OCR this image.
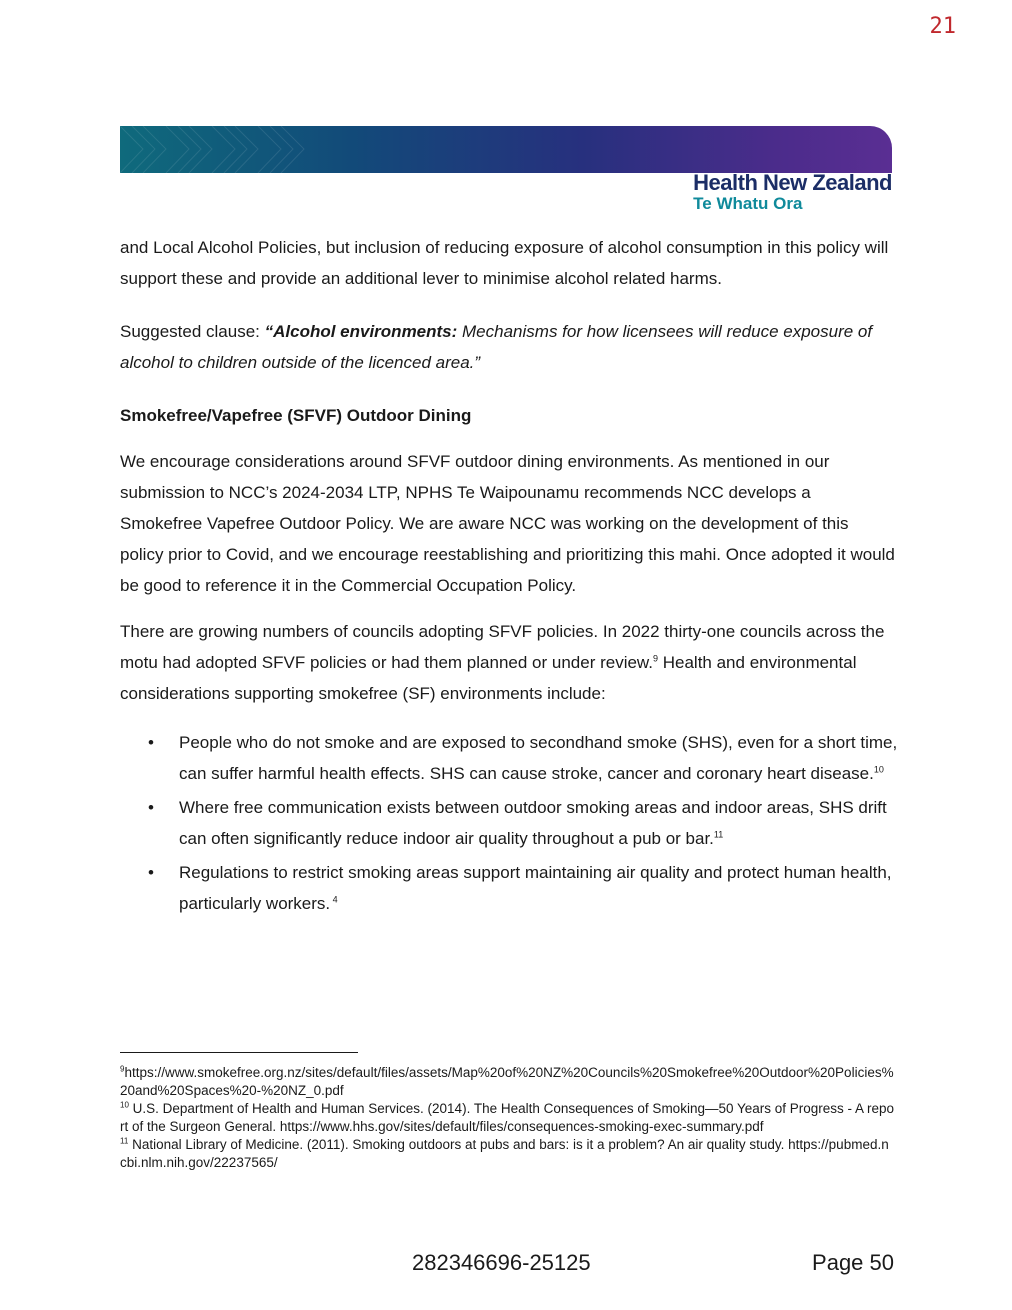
21
Health New Zealand
Te Whatu Ora
and Local Alcohol Policies, but inclusion of reducing exposure of alcohol consumption in this policy will support these and provide an additional lever to minimise alcohol related harms.
Suggested clause: “Alcohol environments: Mechanisms for how licensees will reduce exposure of alcohol to children outside of the licenced area.”
Smokefree/Vapefree (SFVF) Outdoor Dining
We encourage considerations around SFVF outdoor dining environments. As mentioned in our submission to NCC’s 2024-2034 LTP, NPHS Te Waipounamu recommends NCC develops a Smokefree Vapefree Outdoor Policy. We are aware NCC was working on the development of this policy prior to Covid, and we encourage reestablishing and prioritizing this mahi. Once adopted it would be good to reference it in the Commercial Occupation Policy.
There are growing numbers of councils adopting SFVF policies. In 2022 thirty-one councils across the motu had adopted SFVF policies or had them planned or under review.$^9$ Health and environmental considerations supporting smokefree (SF) environments include:
• People who do not smoke and are exposed to secondhand smoke (SHS), even for a short time, can suffer harmful health effects. SHS can cause stroke, cancer and coronary heart disease.$^{10}$
• Where free communication exists between outdoor smoking areas and indoor areas, SHS drift can often significantly reduce indoor air quality throughout a pub or bar.$^{11}$
• Regulations to restrict smoking areas support maintaining air quality and protect human health, particularly workers. $^4$
$^9$https://www.smokefree.org.nz/sites/default/files/assets/Map%20of%20NZ%20Councils%20Smokefree%20Outdoor%20Policies%20and%20Spaces%20-%20NZ_0.pdf
$^{10}$ U.S. Department of Health and Human Services. (2014). The Health Consequences of Smoking—50 Years of Progress - A report of the Surgeon General. https://www.hhs.gov/sites/default/files/consequences-smoking-exec-summary.pdf
$^{11}$ National Library of Medicine. (2011). Smoking outdoors at pubs and bars: is it a problem? An air quality study. https://pubmed.ncbi.nlm.nih.gov/22237565/
282346696-25125	Page 50
